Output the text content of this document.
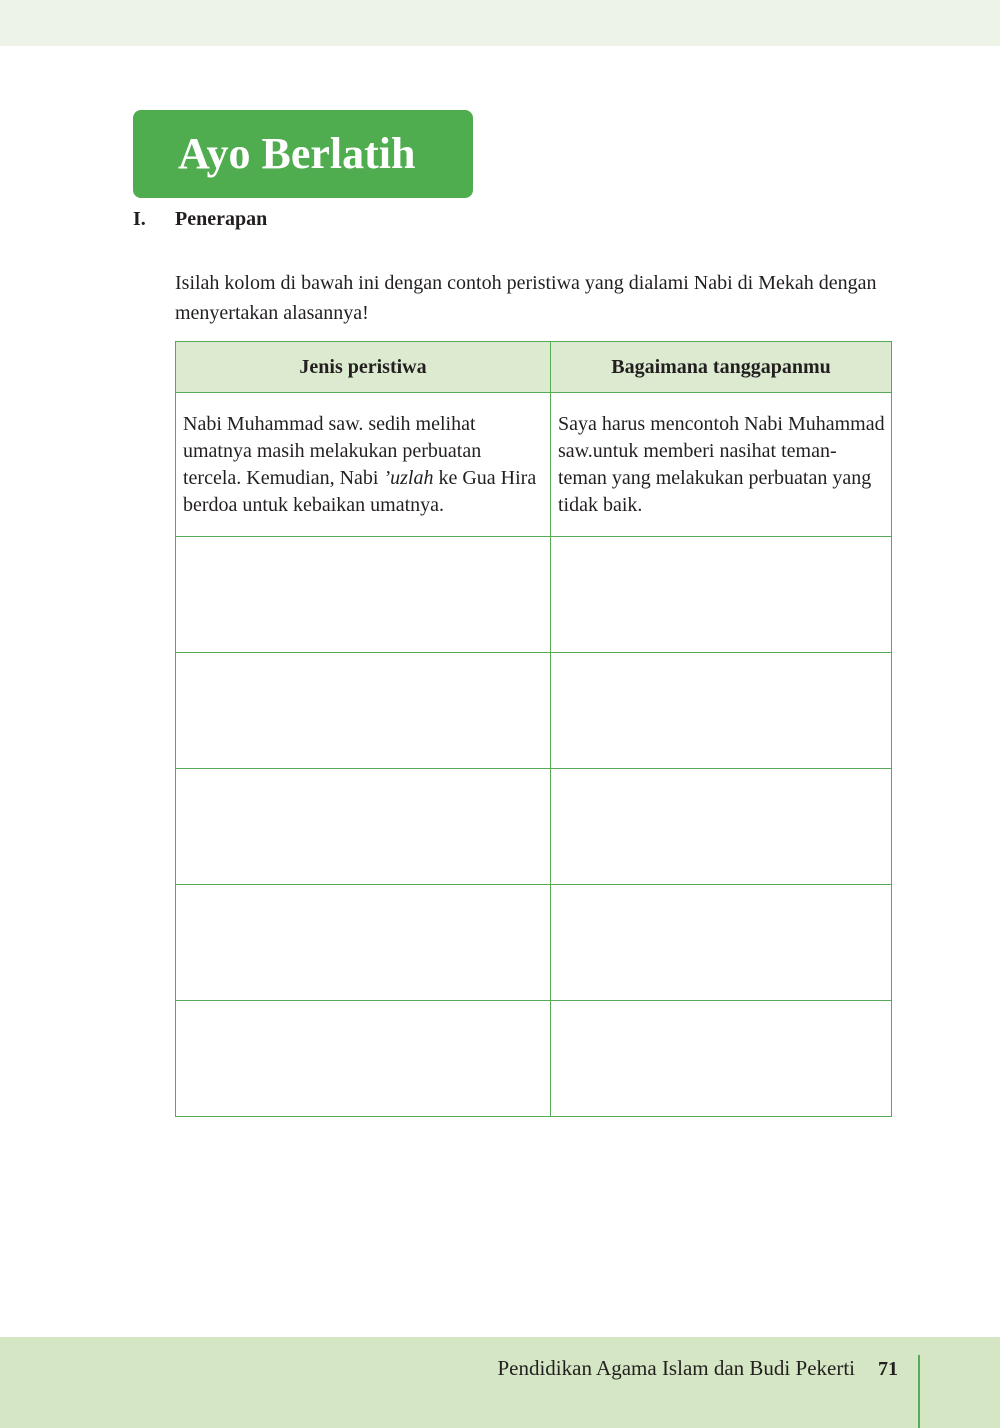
Ayo Berlatih
I. Penerapan
Isilah kolom di bawah ini dengan contoh peristiwa yang dialami Nabi di Mekah dengan menyertakan alasannya!
Jenis peristiwa	Bagaimana tanggapanmu
Nabi Muhammad saw. sedih melihat umatnya masih melakukan perbuatan tercela. Kemudian, Nabi ’uzlah ke Gua Hira berdoa untuk kebaikan umatnya.	Saya harus mencontoh Nabi Muhammad saw.untuk memberi nasihat teman-teman yang melakukan perbuatan yang tidak baik.

Pendidikan Agama Islam dan Budi Pekerti 71
